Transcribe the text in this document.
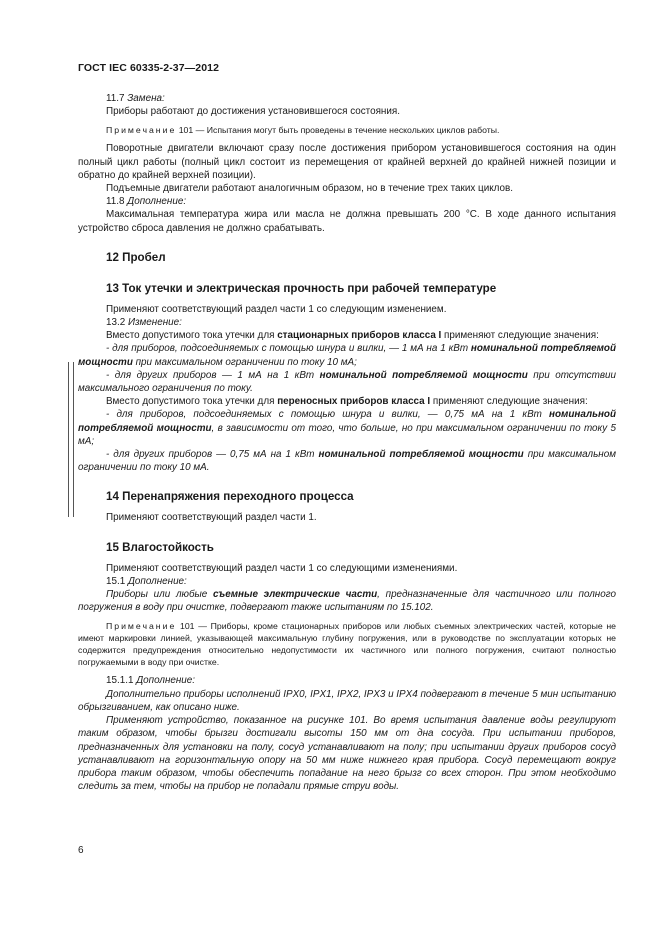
ГОСТ IEC 60335-2-37—2012

11.7 Замена:

Приборы работают до достижения установившегося состояния.

Примечание 101 — Испытания могут быть проведены в течение нескольких циклов работы.

Поворотные двигатели включают сразу после достижения прибором установившегося состояния на один полный цикл работы (полный цикл состоит из перемещения от крайней верхней до крайней нижней позиции и обратно до крайней верхней позиции).

Подъемные двигатели работают аналогичным образом, но в течение трех таких циклов.

11.8 Дополнение:

Максимальная температура жира или масла не должна превышать 200 °С. В ходе данного испытания устройство сброса давления не должно срабатывать.

12 Пробел
13 Ток утечки и электрическая прочность при рабочей температуре

Применяют соответствующий раздел части 1 со следующим изменением.

13.2 Изменение:

Вместо допустимого тока утечки для стационарных приборов класса I применяют следующие значения:

- для приборов, подсоединяемых с помощью шнура и вилки, — 1 мА на 1 кВт номинальной потребляемой мощности при максимальном ограничении по току 10 мА;

- для других приборов — 1 мА на 1 кВт номинальной потребляемой мощности при отсутствии максимального ограничения по току.

Вместо допустимого тока утечки для переносных приборов класса I применяют следующие значения:

- для приборов, подсоединяемых с помощью шнура и вилки, — 0,75 мА на 1 кВт номинальной потребляемой мощности, в зависимости от того, что больше, но при максимальном ограничении по току 5 мА;

- для других приборов — 0,75 мА на 1 кВт номинальной потребляемой мощности при максимальном ограничении по току 10 мА.

14 Перенапряжения переходного процесса

Применяют соответствующий раздел части 1.

15 Влагостойкость

Применяют соответствующий раздел части 1 со следующими изменениями.

15.1 Дополнение:

Приборы или любые съемные электрические части, предназначенные для частичного или полного погружения в воду при очистке, подвергают также испытаниям по 15.102.

Примечание 101 — Приборы, кроме стационарных приборов или любых съемных электрических частей, которые не имеют маркировки линией, указывающей максимальную глубину погружения, или в руководстве по эксплуатации которых не содержится предупреждения относительно недопустимости их частичного или полного погружения, считают полностью погружаемыми в воду при очистке.

15.1.1 Дополнение:

Дополнительно приборы исполнений IPX0, IPX1, IPX2, IPX3 и IPX4 подвергают в течение 5 мин испытанию обрызгиванием, как описано ниже.

Применяют устройство, показанное на рисунке 101. Во время испытания давление воды регулируют таким образом, чтобы брызги достигали высоты 150 мм от дна сосуда. При испытании приборов, предназначенных для установки на полу, сосуд устанавливают на полу; при испытании других приборов сосуд устанавливают на горизонтальную опору на 50 мм ниже нижнего края прибора. Сосуд перемещают вокруг прибора таким образом, чтобы обеспечить попадание на него брызг со всех сторон. При этом необходимо следить за тем, чтобы на прибор не попадали прямые струи воды.

6
